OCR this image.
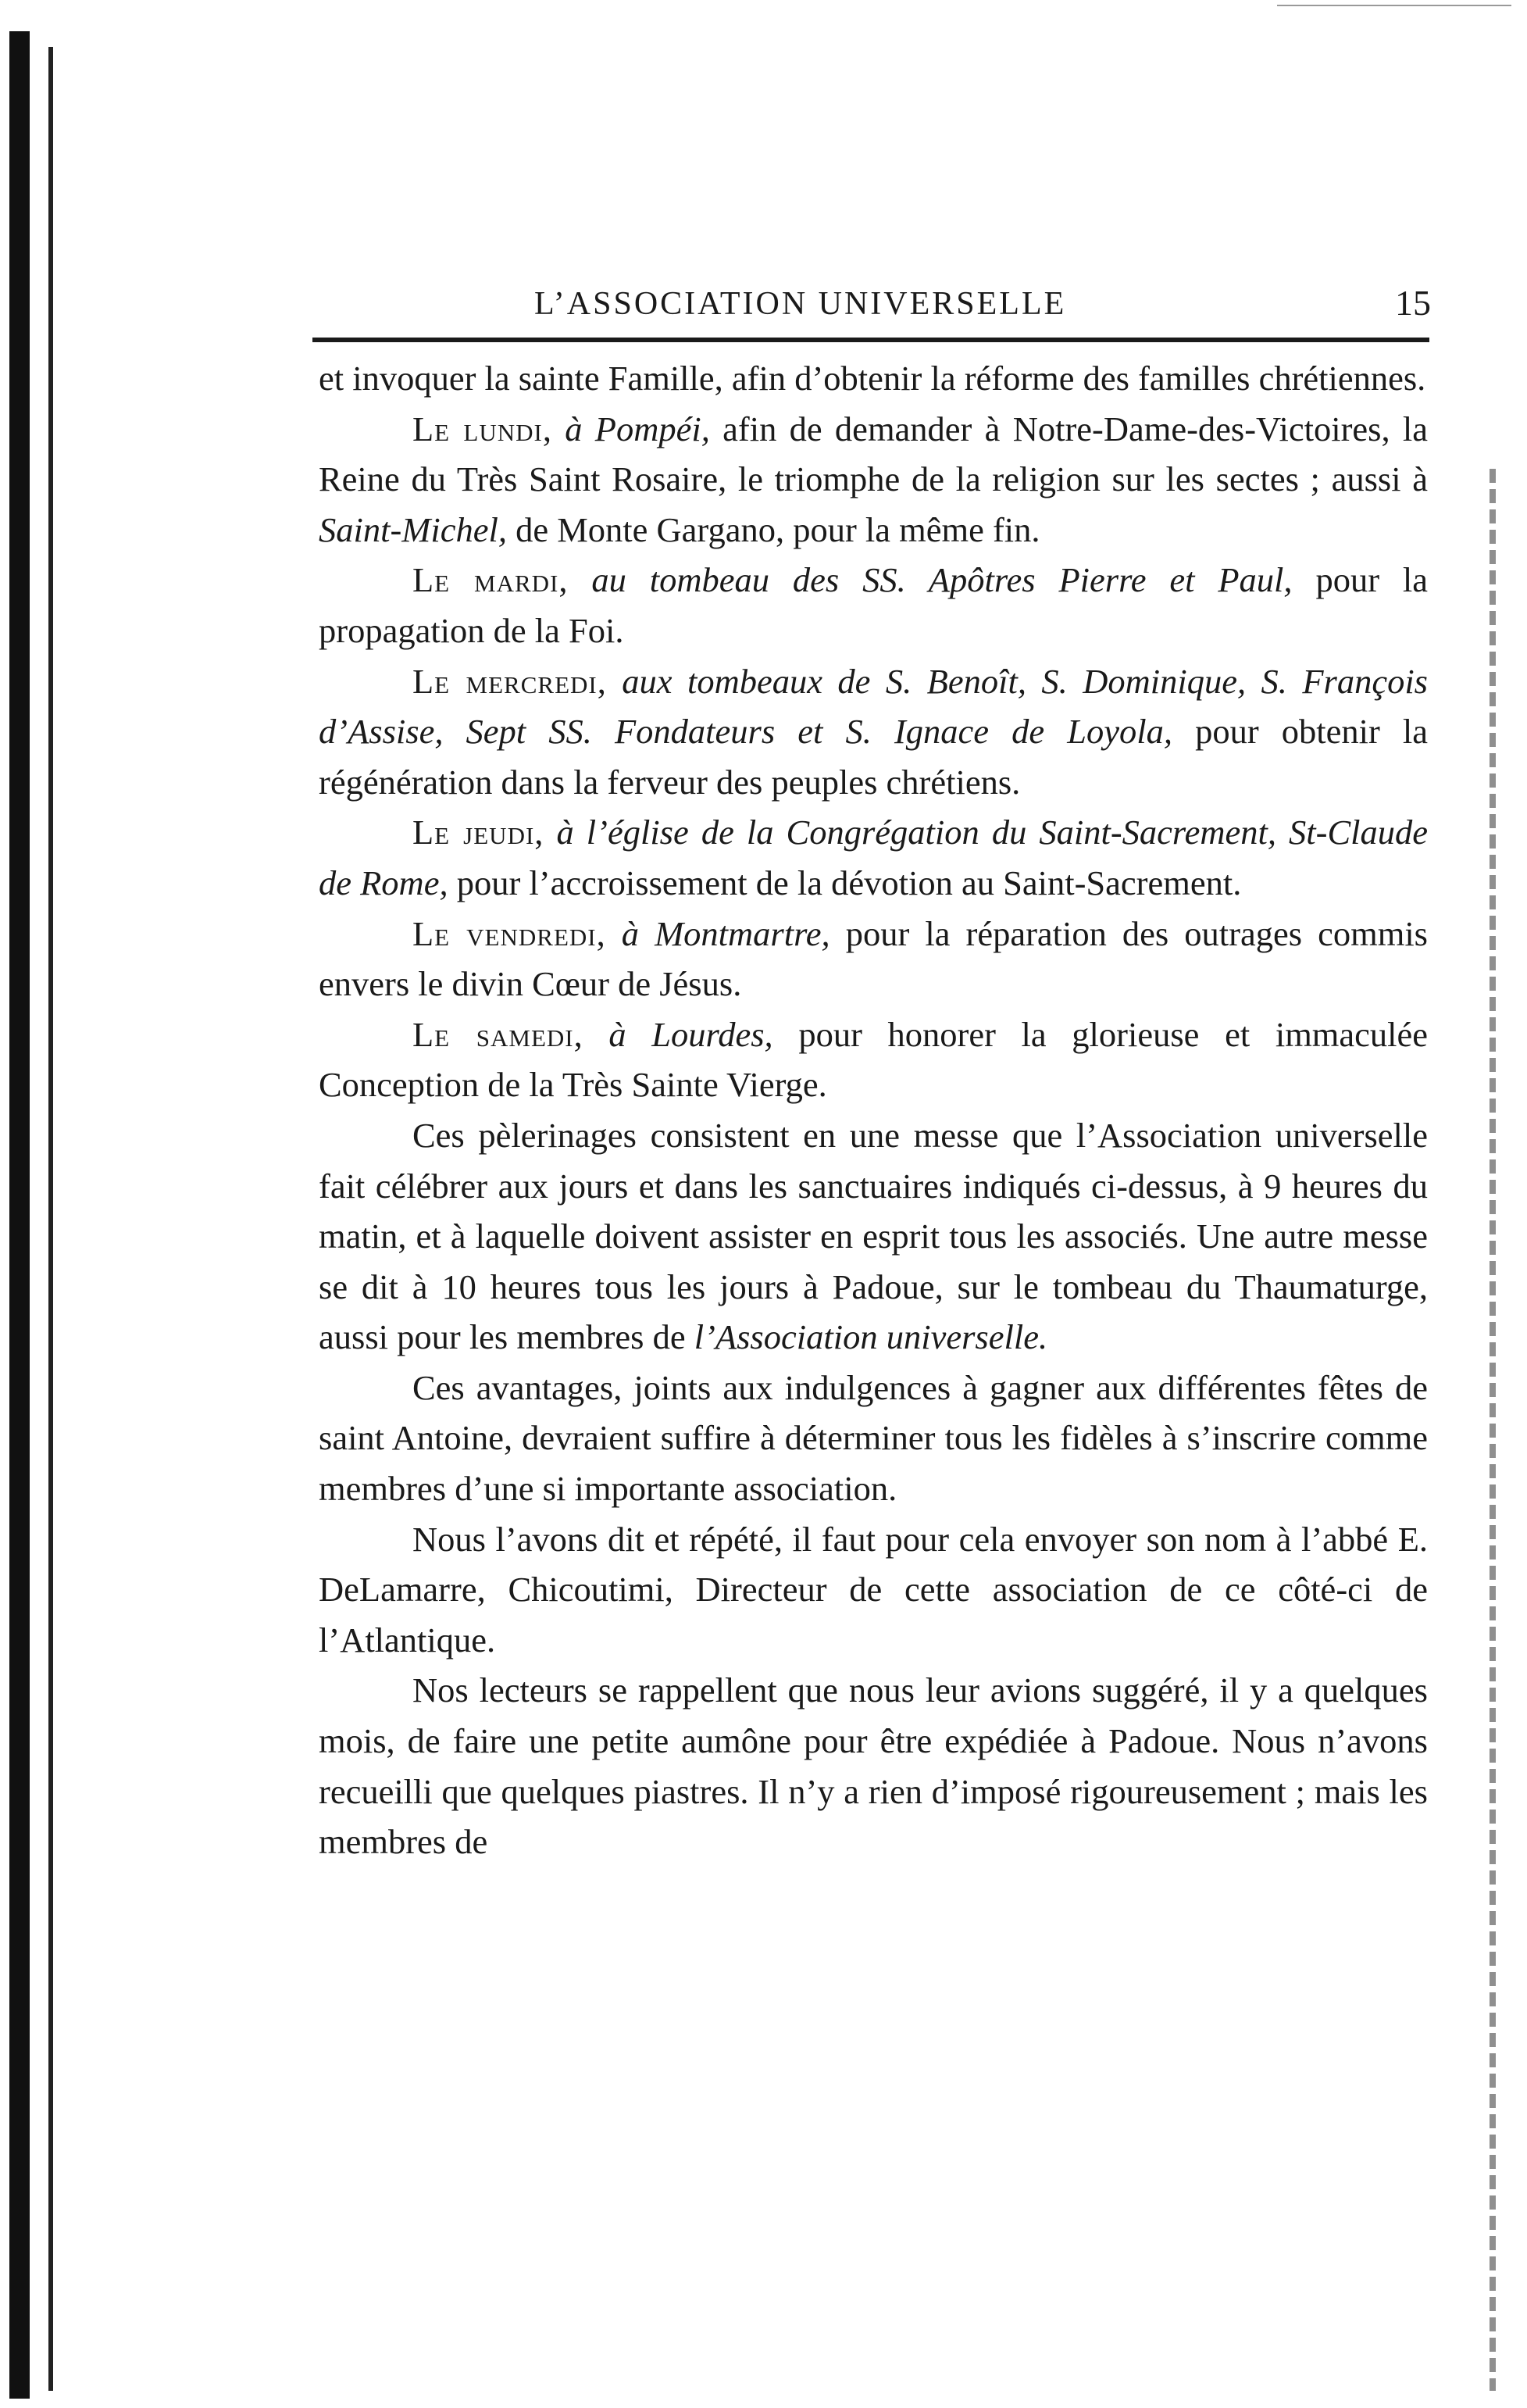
L’ASSOCIATION UNIVERSELLE	15

et invoquer la sainte Famille, afin d’obtenir la réforme des familles chrétiennes.

Le lundi, à Pompéi, afin de demander à Notre-Dame-des-Victoires, la Reine du Très Saint Rosaire, le triomphe de la religion sur les sectes ; aussi à Saint-Michel, de Monte Gargano, pour la même fin.

Le mardi, au tombeau des SS. Apôtres Pierre et Paul, pour la propagation de la Foi.

Le mercredi, aux tombeaux de S. Benoît, S. Dominique, S. François d’Assise, Sept SS. Fondateurs et S. Ignace de Loyola, pour obtenir la régénération dans la ferveur des peuples chrétiens.

Le jeudi, à l’église de la Congrégation du Saint-Sacrement, St-Claude de Rome, pour l’accroissement de la dévotion au Saint-Sacrement.

Le vendredi, à Montmartre, pour la réparation des outrages commis envers le divin Cœur de Jésus.

Le samedi, à Lourdes, pour honorer la glorieuse et immaculée Conception de la Très Sainte Vierge.

Ces pèlerinages consistent en une messe que l’Association universelle fait célébrer aux jours et dans les sanctuaires indiqués ci-dessus, à 9 heures du matin, et à laquelle doivent assister en esprit tous les associés. Une autre messe se dit à 10 heures tous les jours à Padoue, sur le tombeau du Thaumaturge, aussi pour les membres de l’Association universelle.

Ces avantages, joints aux indulgences à gagner aux différentes fêtes de saint Antoine, devraient suffire à déterminer tous les fidèles à s’inscrire comme membres d’une si importante association.

Nous l’avons dit et répété, il faut pour cela envoyer son nom à l’abbé E. DeLamarre, Chicoutimi, Directeur de cette association de ce côté-ci de l’Atlantique.

Nos lecteurs se rappellent que nous leur avions suggéré, il y a quelques mois, de faire une petite aumône pour être expédiée à Padoue. Nous n’avons recueilli que quelques piastres. Il n’y a rien d’imposé rigoureusement ; mais les membres de
